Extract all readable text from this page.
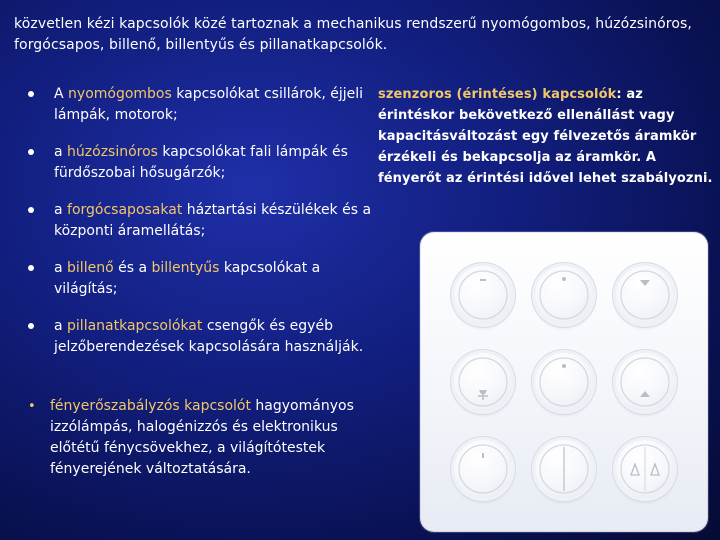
közvetlen kézi kapcsolók közé tartoznak a mechanikus rendszerű nyomógombos, húzózsinóros, forgócsapos, billenő, billentyűs és pillanatkapcsolók.
A nyomógombos kapcsolókat csillárok, éjjeli lámpák, motorok;
a húzózsinóros kapcsolókat fali lámpák és fürdőszobai hősugárzók;
a forgócsaposakat háztartási készülékek és a központi áramellátás;
a billenő és a billentyűs kapcsolókat a világítás;
a pillanatkapcsolókat csengők és egyéb jelzőberendezések kapcsolására használják.
• fényerőszabályzós kapcsolót hagyományos izzólámpás, halogénizzós és elektronikus előtétű fénycsövekhez, a világítótestek fényerejének változtatására.
szenzoros (érintéses) kapcsolók: az érintéskor bekövetkező ellenállást vagy kapacitásváltozást egy félvezetős áramkör érzékeli és bekapcsolja az áramkör. A fényerőt az érintési idővel lehet szabályozni.
